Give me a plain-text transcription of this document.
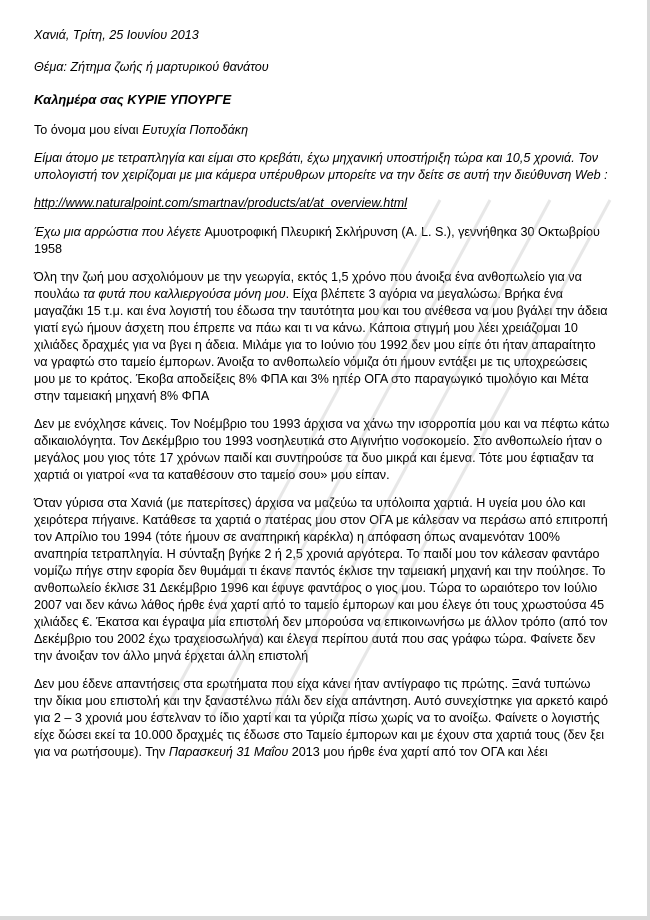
Χανιά, Τρίτη, 25 Ιουνίου 2013
Θέμα: Ζήτημα ζωής ή μαρτυρικού θανάτου
Καλημέρα σας ΚΥΡΙΕ ΥΠΟΥΡΓΕ
Το όνομα μου είναι Ευτυχία Ποποδάκη
Είμαι άτομο με τετραπληγία και είμαι στο κρεβάτι, έχω μηχανική υποστήριξη τώρα και 10,5 χρονιά. Τον υπολογιστή τον χειρίζομαι με μια κάμερα υπέρυθρων μπορείτε να την δείτε σε αυτή την διεύθυνση Web :
http://www.naturalpoint.com/smartnav/products/at/at_overview.html
Έχω μια αρρώστια που λέγετε Αμυοτροφική Πλευρική Σκλήρυνση (A. L. S.), γεννήθηκα 30 Οκτωβρίου 1958
Όλη την ζωή μου ασχολιόμουν με την γεωργία, εκτός 1,5 χρόνο που άνοιξα ένα ανθοπωλείο για να πουλάω τα φυτά που καλλιεργούσα μόνη μου. Είχα βλέπετε 3 αγόρια να μεγαλώσω. Βρήκα ένα μαγαζάκι 15 τ.μ. και ένα λογιστή του έδωσα την ταυτότητα μου και του ανέθεσα να μου βγάλει την άδεια γιατί εγώ ήμουν άσχετη που έπρεπε να πάω και τι να κάνω. Κάποια στιγμή μου λέει χρειάζομαι 10 χιλιάδες δραχμές για να βγει η άδεια. Μιλάμε για το Ιούνιο του 1992 δεν μου είπε ότι ήταν απαραίτητο να γραφτώ στο ταμείο έμπορων. Άνοιξα το ανθοπωλείο νόμιζα ότι ήμουν εντάξει με τις υποχρεώσεις μου με το κράτος. Έκοβα αποδείξεις 8% ΦΠΑ και 3% ηπέρ ΟΓΑ στο παραγωγικό τιμολόγιο και Μέτα στην ταμειακή μηχανή 8% ΦΠΑ
Δεν με ενόχλησε κάνεις. Τον Νοέμβριο του 1993 άρχισα να χάνω την ισορροπία μου και να πέφτω κάτω αδικαιολόγητα. Τον Δεκέμβριο του 1993 νοσηλευτικά στο Αιγινήτιο νοσοκομείο. Στο ανθοπωλείο ήταν ο μεγάλος μου γιος τότε 17 χρόνων παιδί και συντηρούσε τα δυο μικρά και έμενα. Τότε μου έφτιαξαν τα χαρτιά οι γιατροί «να τα καταθέσουν στο ταμείο σου» μου είπαν.
Όταν γύρισα στα Χανιά (με πατερίτσες) άρχισα να μαζεύω τα υπόλοιπα χαρτιά. Η υγεία μου όλο και χειρότερα πήγαινε. Κατάθεσε τα χαρτιά ο πατέρας μου στον ΟΓΑ με κάλεσαν να περάσω από επιτροπή τον Απρίλιο του 1994 (τότε ήμουν σε αναπηρική καρέκλα) η απόφαση όπως αναμενόταν 100% αναπηρία τετραπληγία. Η σύνταξη βγήκε 2 ή 2,5 χρονιά αργότερα. Το παιδί μου τον κάλεσαν φαντάρο νομίζω πήγε στην εφορία δεν θυμάμαι τι έκανε παντός έκλισε την ταμειακή μηχανή και την πούλησε. Το ανθοπωλείο έκλισε 31 Δεκέμβριο 1996 και έφυγε φαντάρος ο γιος μου. Τώρα το ωραιότερο τον Ιούλιο 2007 ναι δεν κάνω λάθος ήρθε ένα χαρτί από το ταμείο έμπορων και μου έλεγε ότι τους χρωστούσα 45 χιλιάδες €. Έκατσα και έγραψα μία επιστολή δεν μπορούσα να επικοινωνήσω με άλλον τρόπο (από τον Δεκέμβριο του 2002 έχω τραχειοσωλήνα) και έλεγα περίπου αυτά που σας γράφω τώρα. Φαίνετε δεν την άνοιξαν τον άλλο μηνά έρχεται άλλη επιστολή
Δεν μου έδενε απαντήσεις στα ερωτήματα που είχα κάνει ήταν αντίγραφο τις πρώτης. Ξανά τυπώνω την δίκια μου επιστολή και την ξαναστέλνω πάλι δεν είχα απάντηση. Αυτό συνεχίστηκε για αρκετό καιρό για 2 – 3 χρονιά μου έστελναν το ίδιο χαρτί και τα γύριζα πίσω χωρίς να το ανοίξω. Φαίνετε ο λογιστής είχε δώσει εκεί τα 10.000 δραχμές τις έδωσε στο Ταμείο έμπορων και με έχουν στα χαρτιά τους (δεν ξει για να ρωτήσουμε). Την Παρασκευή 31 Μαΐου 2013 μου ήρθε ένα χαρτί από τον ΟΓΑ και λέει
